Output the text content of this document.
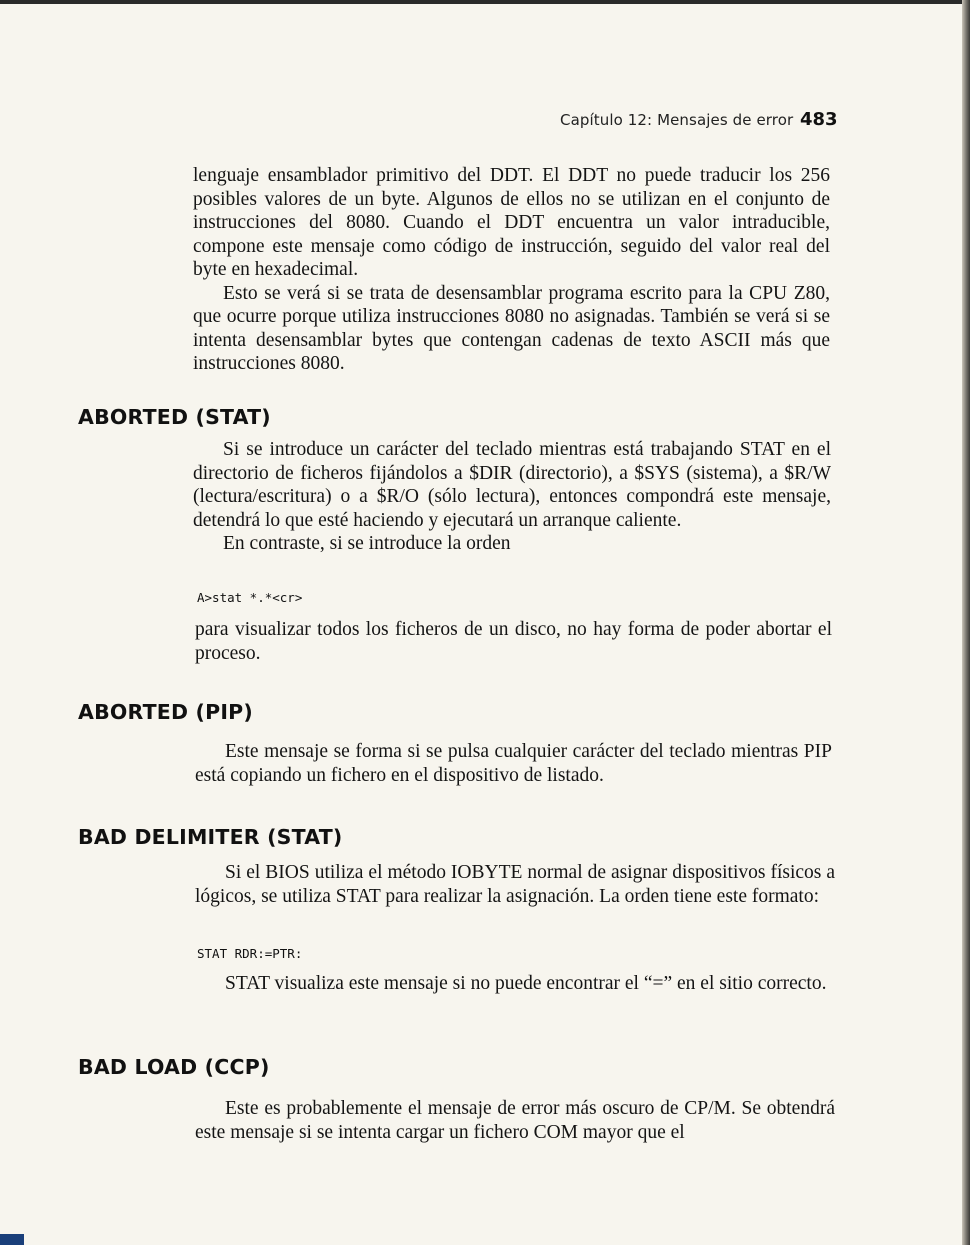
Capítulo 12: Mensajes de error 483

lenguaje ensamblador primitivo del DDT. El DDT no puede traducir los 256 posibles valores de un byte. Algunos de ellos no se utilizan en el conjunto de instrucciones del 8080. Cuando el DDT encuentra un valor intraducible, compone este mensaje como código de instrucción, seguido del valor real del byte en hexadecimal.

Esto se verá si se trata de desensamblar programa escrito para la CPU Z80, que ocurre porque utiliza instrucciones 8080 no asignadas. También se verá si se intenta desensamblar bytes que contengan cadenas de texto ASCII más que instrucciones 8080.

ABORTED (STAT)

Si se introduce un carácter del teclado mientras está trabajando STAT en el directorio de ficheros fijándolos a $DIR (directorio), a $SYS (sistema), a $R/W (lectura/escritura) o a $R/O (sólo lectura), entonces compondrá este mensaje, detendrá lo que esté haciendo y ejecutará un arranque caliente.

En contraste, si se introduce la orden

A>stat *.*<cr>

para visualizar todos los ficheros de un disco, no hay forma de poder abortar el proceso.

ABORTED (PIP)

Este mensaje se forma si se pulsa cualquier carácter del teclado mientras PIP está copiando un fichero en el dispositivo de listado.

BAD DELIMITER (STAT)

Si el BIOS utiliza el método IOBYTE normal de asignar dispositivos físicos a lógicos, se utiliza STAT para realizar la asignación. La orden tiene este formato:

STAT RDR:=PTR:

STAT visualiza este mensaje si no puede encontrar el “=” en el sitio correcto.

BAD LOAD (CCP)

Este es probablemente el mensaje de error más oscuro de CP/M. Se obtendrá este mensaje si se intenta cargar un fichero COM mayor que el
